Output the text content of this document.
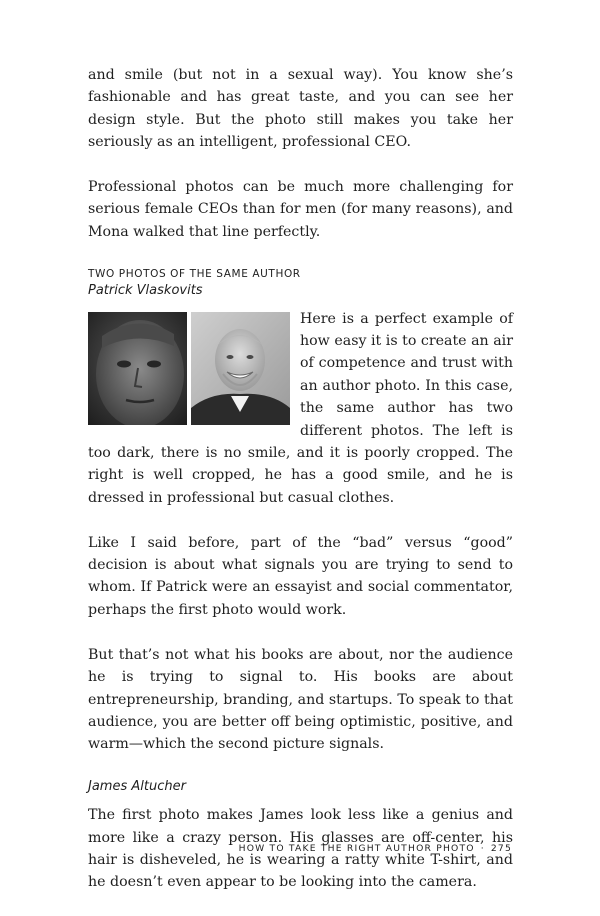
and smile (but not in a sexual way). You know she’s fashionable and has great taste, and you can see her design style. But the photo still makes you take her seriously as an intelligent, professional CEO.

Professional photos can be much more challenging for serious female CEOs than for men (for many reasons), and Mona walked that line perfectly.

TWO PHOTOS OF THE SAME AUTHOR
Patrick Vlaskovits

Here is a perfect example of how easy it is to create an air of competence and trust with an author photo. In this case, the same author has two different photos. The left is too dark, there is no smile, and it is poorly cropped. The right is well cropped, he has a good smile, and he is dressed in professional but casual clothes.

Like I said before, part of the “bad” versus “good” decision is about what signals you are trying to send to whom. If Patrick were an essayist and social commentator, perhaps the first photo would work.

But that’s not what his books are about, nor the audience he is trying to signal to. His books are about entrepreneurship, branding, and startups. To speak to that audience, you are better off being optimistic, positive, and warm—which the second picture signals.

James Altucher

The first photo makes James look less like a genius and more like a crazy person. His glasses are off-center, his hair is disheveled, he is wearing a ratty white T-shirt, and he doesn’t even appear to be looking into the camera.

HOW TO TAKE THE RIGHT AUTHOR PHOTO · 275
